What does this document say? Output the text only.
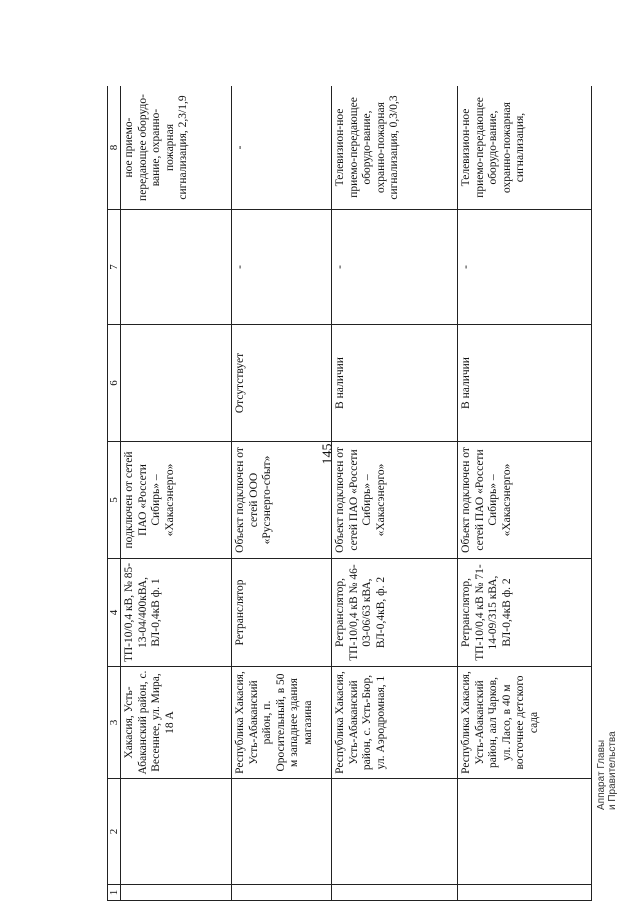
145
1	2	3	4	5	6	7	8
		Хакасия, Усть-Абаканский район, с. Весеннее, ул. Мира, 18 А	ТП-10/0,4 кВ, № 85-13-04/400кВА, ВЛ-0,4кВ ф. 1	подключен от сетей ПАО «Россети Сибирь» – «Хакасэнерго»			ное приемо-передающее оборудо-вание, охранно-пожарная сигнализация, 2,3/1,9
		Республика Хакасия, Усть-Абаканский район, п. Оросительный, в 50 м западнее здания магазина	Ретранслятор	Объект подключен от сетей ООО «Русэнерго-сбыт»	Отсутствует	-	-
		Республика Хакасия, Усть-Абаканский район, с. Усть-Бюр, ул. Аэродромная, 1	Ретранслятор, ТП-10/0,4 кВ № 46-03-06/63 кВА, ВЛ-0,4кВ, ф. 2	Объект подключен от сетей ПАО «Россети Сибирь» – «Хакасэнерго»	В наличии	-	Телевизион-ное приемо-передающее оборудо-вание, охранно-пожарная сигнализация, 0,3/0,3
		Республика Хакасия, Усть-Абаканский район, аал Чарков, ул. Ласо, в 40 м восточнее детского сада	Ретранслятор, ТП-10/0,4 кВ № 71-14-09/315 кВА, ВЛ-0,4кВ ф. 2	Объект подключен от сетей ПАО «Россети Сибирь» – «Хакасэнерго»	В наличии	-	Телевизион-ное приемо-передающее оборудо-вание, охранно-пожарная сигнализация,
Аппарат Главы и Правительства
